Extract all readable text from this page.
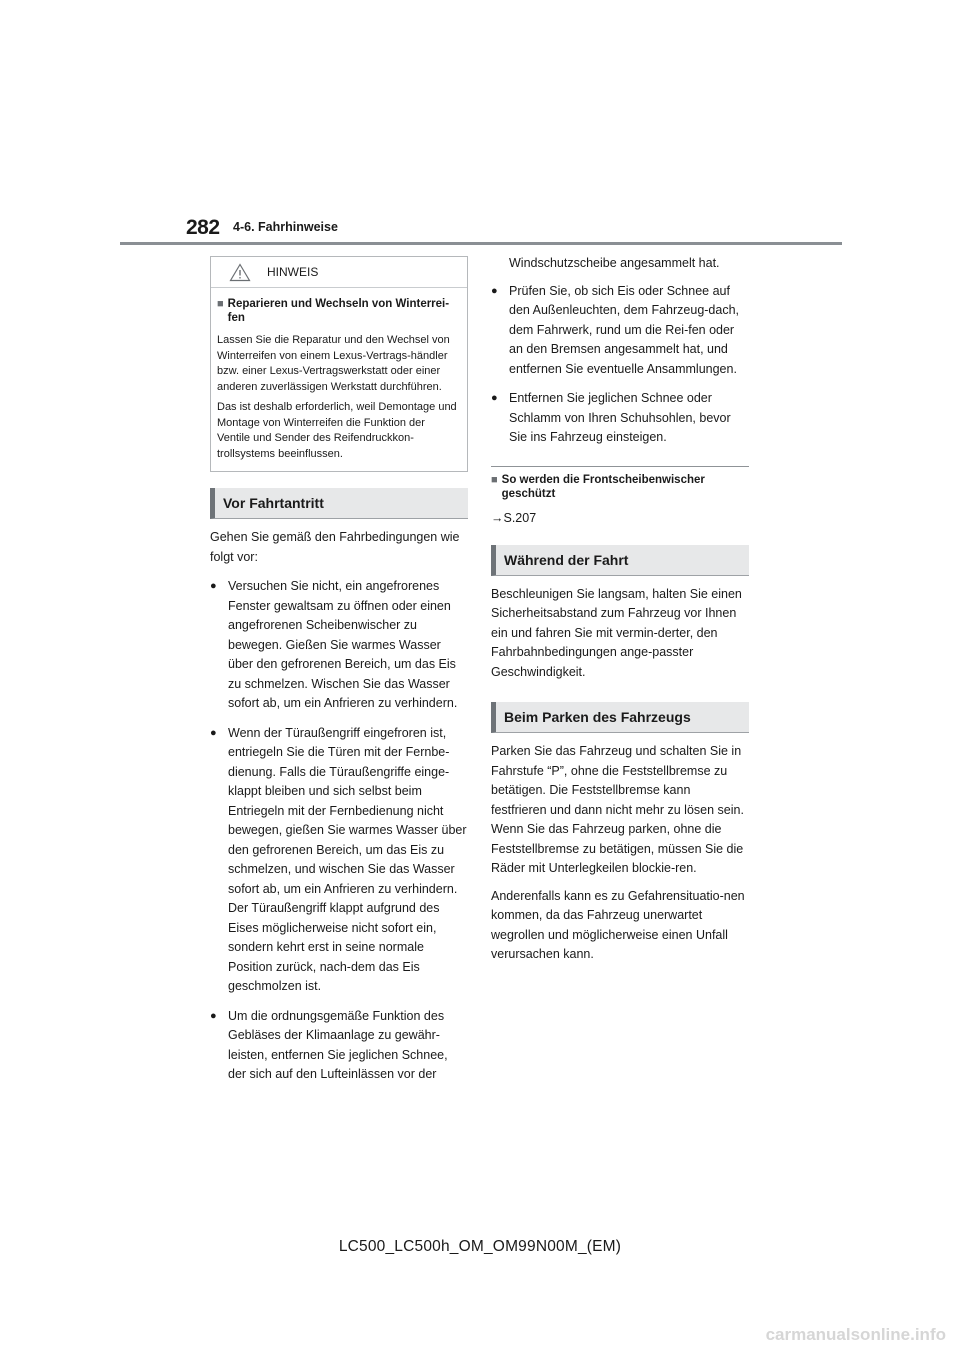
282 4-6. Fahrhinweise
HINWEIS
■ Reparieren und Wechseln von Winterrei-
fen

Lassen Sie die Reparatur und den Wechsel von Winterreifen von einem Lexus-Vertrags-händler bzw. einer Lexus-Vertragswerkstatt oder einer anderen zuverlässigen Werkstatt durchführen.

Das ist deshalb erforderlich, weil Demontage und Montage von Winterreifen die Funktion der Ventile und Sender des Reifendruckkon-trollsystems beeinflussen.

Vor Fahrtantritt

Gehen Sie gemäß den Fahrbedingungen wie folgt vor:

● Versuchen Sie nicht, ein angefrorenes Fenster gewaltsam zu öffnen oder einen angefrorenen Scheibenwischer zu bewegen. Gießen Sie warmes Wasser über den gefrorenen Bereich, um das Eis zu schmelzen. Wischen Sie das Wasser sofort ab, um ein Anfrieren zu verhindern.
● Wenn der Türaußengriff eingefroren ist, entriegeln Sie die Türen mit der Fernbe-dienung. Falls die Türaußengriffe einge-klappt bleiben und sich selbst beim Entriegeln mit der Fernbedienung nicht bewegen, gießen Sie warmes Wasser über den gefrorenen Bereich, um das Eis zu schmelzen, und wischen Sie das Wasser sofort ab, um ein Anfrieren zu verhindern. Der Türaußengriff klappt aufgrund des Eises möglicherweise nicht sofort ein, sondern kehrt erst in seine normale Position zurück, nach-dem das Eis geschmolzen ist.
● Um die ordnungsgemäße Funktion des Gebläses der Klimaanlage zu gewähr-leisten, entfernen Sie jeglichen Schnee, der sich auf den Lufteinlässen vor der
Windschutzscheibe angesammelt hat.
● Prüfen Sie, ob sich Eis oder Schnee auf den Außenleuchten, dem Fahrzeug-dach, dem Fahrwerk, rund um die Rei-fen oder an den Bremsen angesammelt hat, und entfernen Sie eventuelle Ansammlungen.
● Entfernen Sie jeglichen Schnee oder Schlamm von Ihren Schuhsohlen, bevor Sie ins Fahrzeug einsteigen.
■ So werden die Frontscheibenwischer geschützt
→S.207
Während der Fahrt

Beschleunigen Sie langsam, halten Sie einen Sicherheitsabstand zum Fahrzeug vor Ihnen ein und fahren Sie mit vermin-derter, den Fahrbahnbedingungen ange-passter Geschwindigkeit.

Beim Parken des Fahrzeugs

Parken Sie das Fahrzeug und schalten Sie in Fahrstufe “P”, ohne die Feststellbremse zu betätigen. Die Feststellbremse kann festfrieren und dann nicht mehr zu lösen sein. Wenn Sie das Fahrzeug parken, ohne die Feststellbremse zu betätigen, müssen Sie die Räder mit Unterlegkeilen blockie-ren.

Anderenfalls kann es zu Gefahrensituatio-nen kommen, da das Fahrzeug unerwartet wegrollen und möglicherweise einen Unfall verursachen kann.

LC500_LC500h_OM_OM99N00M_(EM)
carmanualsonline.info
